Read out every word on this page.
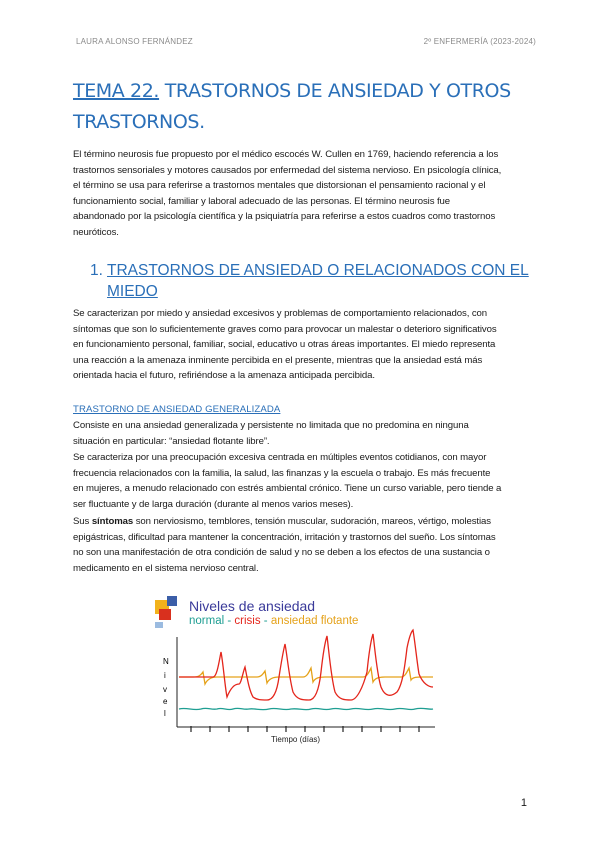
LAURA ALONSO FERNÁNDEZ	2º ENFERMERÍA (2023-2024)
TEMA 22. TRASTORNOS DE ANSIEDAD Y OTROS
TRASTORNOS.
El término neurosis fue propuesto por el médico escocés W. Cullen en 1769, haciendo referencia a los
trastornos sensoriales y motores causados por enfermedad del sistema nervioso. En psicología clínica,
el término se usa para referirse a trastornos mentales que distorsionan el pensamiento racional y el
funcionamiento social, familiar y laboral adecuado de las personas. El término neurosis fue
abandonado por la psicología científica y la psiquiatría para referirse a estos cuadros como trastornos
neuróticos.
1. TRASTORNOS DE ANSIEDAD O RELACIONADOS CON EL
MIEDO
Se caracterizan por miedo y ansiedad excesivos y problemas de comportamiento relacionados, con
síntomas que son lo suficientemente graves como para provocar un malestar o deterioro significativos
en funcionamiento personal, familiar, social, educativo u otras áreas importantes. El miedo representa
una reacción a la amenaza inminente percibida en el presente, mientras que la ansiedad está más
orientada hacia el futuro, refiriéndose a la amenaza anticipada percibida.
TRASTORNO DE ANSIEDAD GENERALIZADA
Consiste en una ansiedad generalizada y persistente no limitada que no predomina en ninguna
situación en particular: “ansiedad flotante libre”.
Se caracteriza por una preocupación excesiva centrada en múltiples eventos cotidianos, con mayor
frecuencia relacionados con la familia, la salud, las finanzas y la escuela o trabajo. Es más frecuente
en mujeres, a menudo relacionado con estrés ambiental crónico. Tiene un curso variable, pero tiende a
ser fluctuante y de larga duración (durante al menos varios meses).
Sus síntomas son nerviosismo, temblores, tensión muscular, sudoración, mareos, vértigo, molestias
epigástricas, dificultad para mantener la concentración, irritación y trastornos del sueño. Los síntomas
no son una manifestación de otra condición de salud y no se deben a los efectos de una sustancia o
medicamento en el sistema nervioso central.
Niveles de ansiedad
normal - crisis - ansiedad flotante
N
i
v
e
l
Tiempo (días)
1
